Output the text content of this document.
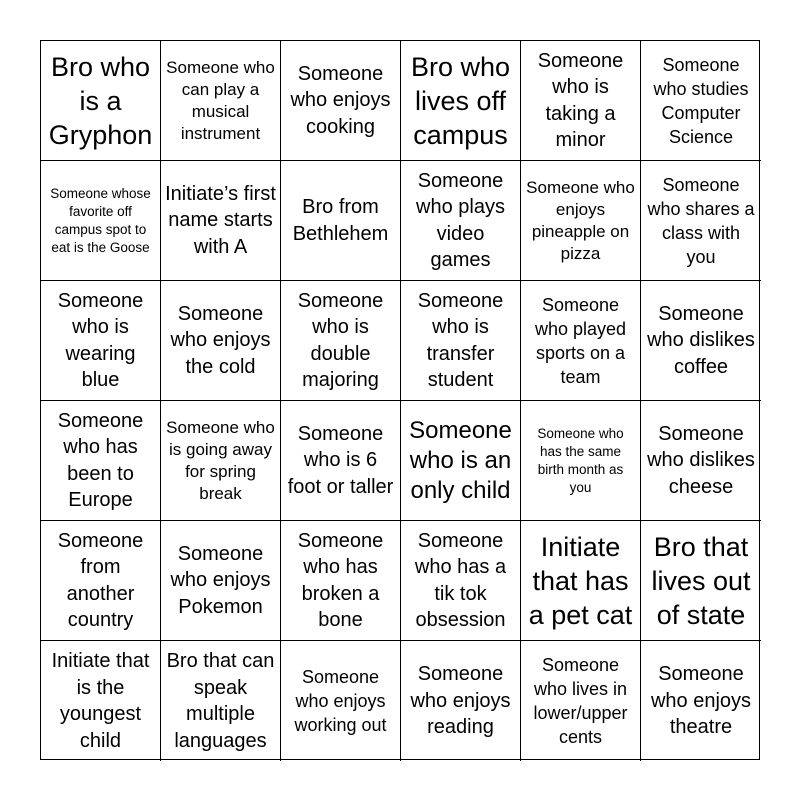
Bro who is a Gryphon
Someone who can play a musical instrument
Someone who enjoys cooking
Bro who lives off campus
Someone who is taking a minor
Someone who studies Computer Science
Someone whose favorite off campus spot to eat is the Goose
Initiate’s first name starts with A
Bro from Bethlehem
Someone who plays video games
Someone who enjoys pineapple on pizza
Someone who shares a class with you
Someone who is wearing blue
Someone who enjoys the cold
Someone who is double majoring
Someone who is transfer student
Someone who played sports on a team
Someone who dislikes coffee
Someone who has been to Europe
Someone who is going away for spring break
Someone who is 6 foot or taller
Someone who is an only child
Someone who has the same birth month as you
Someone who dislikes cheese
Someone from another country
Someone who enjoys Pokemon
Someone who has broken a bone
Someone who has a tik tok obsession
Initiate that has a pet cat
Bro that lives out of state
Initiate that is the youngest child
Bro that can speak multiple languages
Someone who enjoys working out
Someone who enjoys reading
Someone who lives in lower/upper cents
Someone who enjoys theatre
